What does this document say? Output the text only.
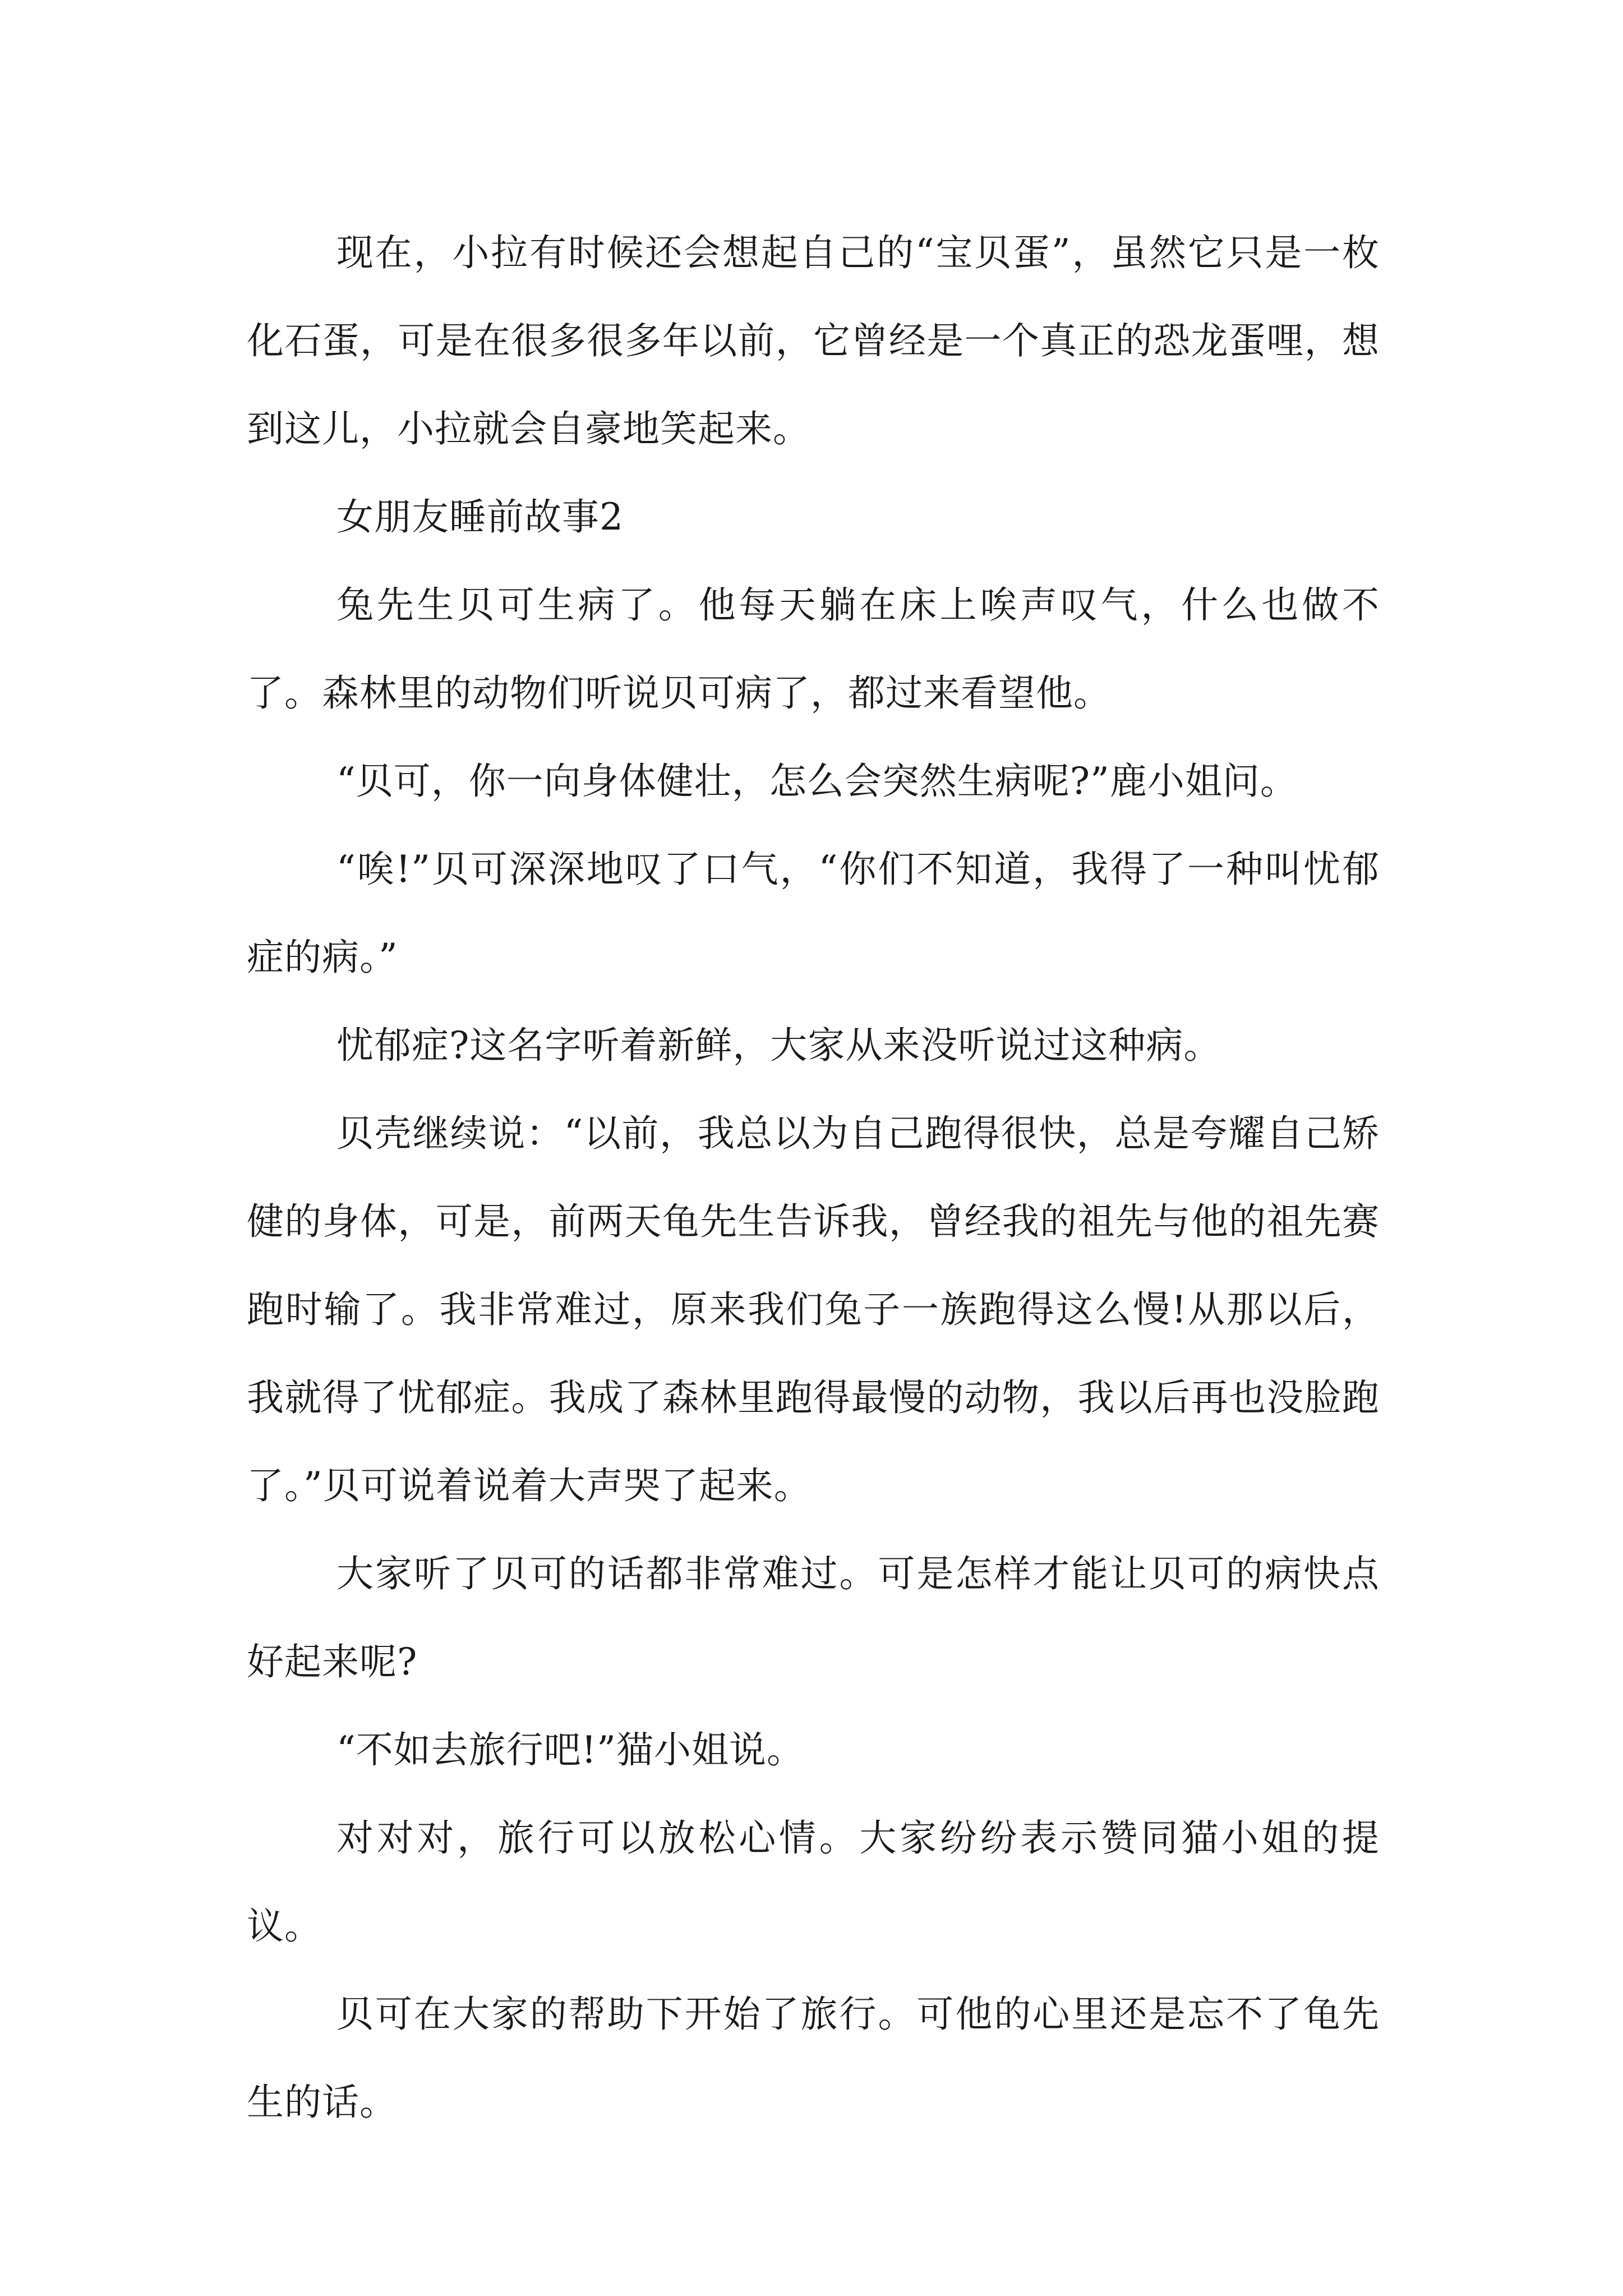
现在，小拉有时候还会想起自己的“宝贝蛋”，虽然它只是一枚化石蛋，可是在很多很多年以前，它曾经是一个真正的恐龙蛋哩，想到这儿，小拉就会自豪地笑起来。

女朋友睡前故事2

兔先生贝可生病了。他每天躺在床上唉声叹气，什么也做不了。森林里的动物们听说贝可病了，都过来看望他。

“贝可，你一向身体健壮，怎么会突然生病呢?”鹿小姐问。

“唉!”贝可深深地叹了口气，“你们不知道，我得了一种叫忧郁症的病。”

忧郁症?这名字听着新鲜，大家从来没听说过这种病。

贝壳继续说：“以前，我总以为自己跑得很快，总是夸耀自己矫健的身体，可是，前两天龟先生告诉我，曾经我的祖先与他的祖先赛跑时输了。我非常难过，原来我们兔子一族跑得这么慢!从那以后，我就得了忧郁症。我成了森林里跑得最慢的动物，我以后再也没脸跑了。”贝可说着说着大声哭了起来。

大家听了贝可的话都非常难过。可是怎样才能让贝可的病快点好起来呢?

“不如去旅行吧!”猫小姐说。

对对对，旅行可以放松心情。大家纷纷表示赞同猫小姐的提议。

贝可在大家的帮助下开始了旅行。可他的心里还是忘不了龟先生的话。
